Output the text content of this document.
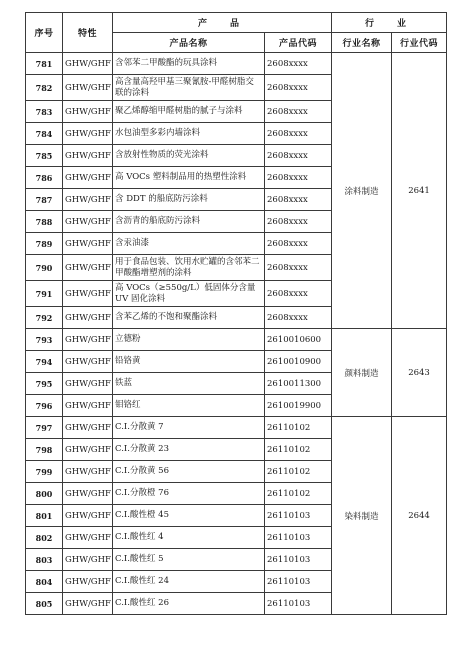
序号	特性	产　品		行　业	
		产品名称	产品代码	行业名称	行业代码
781	GHW/GHF	含邻苯二甲酸酯的玩具涂料	2608xxxx	涂料制造	2641
782	GHW/GHF	高含量高羟甲基三聚氰胺-甲醛树脂交联的涂料	2608xxxx		
783	GHW/GHF	聚乙烯醇缩甲醛树脂的腻子与涂料	2608xxxx		
784	GHW/GHF	水包油型多彩内墙涂料	2608xxxx		
785	GHW/GHF	含放射性物质的荧光涂料	2608xxxx		
786	GHW/GHF	高 VOCs 塑料制品用的热塑性涂料	2608xxxx		
787	GHW/GHF	含 DDT 的船底防污涂料	2608xxxx		
788	GHW/GHF	含沥青的船底防污涂料	2608xxxx		
789	GHW/GHF	含汞油漆	2608xxxx		
790	GHW/GHF	用于食品包装、饮用水贮罐的含邻苯二甲酸酯增塑剂的涂料	2608xxxx		
791	GHW/GHF	高 VOCs（≥550g/L）低固体分含量 UV 固化涂料	2608xxxx		
792	GHW/GHF	含苯乙烯的不饱和聚酯涂料	2608xxxx		
793	GHW/GHF	立德粉	2610010600	颜料制造	2643
794	GHW/GHF	铅铬黄	2610010900		
795	GHW/GHF	铁蓝	2610011300		
796	GHW/GHF	钼铬红	2610019900		
797	GHW/GHF	C.I.分散黄 7	26110102	染料制造	2644
798	GHW/GHF	C.I.分散黄 23	26110102		
799	GHW/GHF	C.I.分散黄 56	26110102		
800	GHW/GHF	C.I.分散橙 76	26110102		
801	GHW/GHF	C.I.酸性橙 45	26110103		
802	GHW/GHF	C.I.酸性红 4	26110103		
803	GHW/GHF	C.I.酸性红 5	26110103		
804	GHW/GHF	C.I.酸性红 24	26110103		
805	GHW/GHF	C.I.酸性红 26	26110103		
